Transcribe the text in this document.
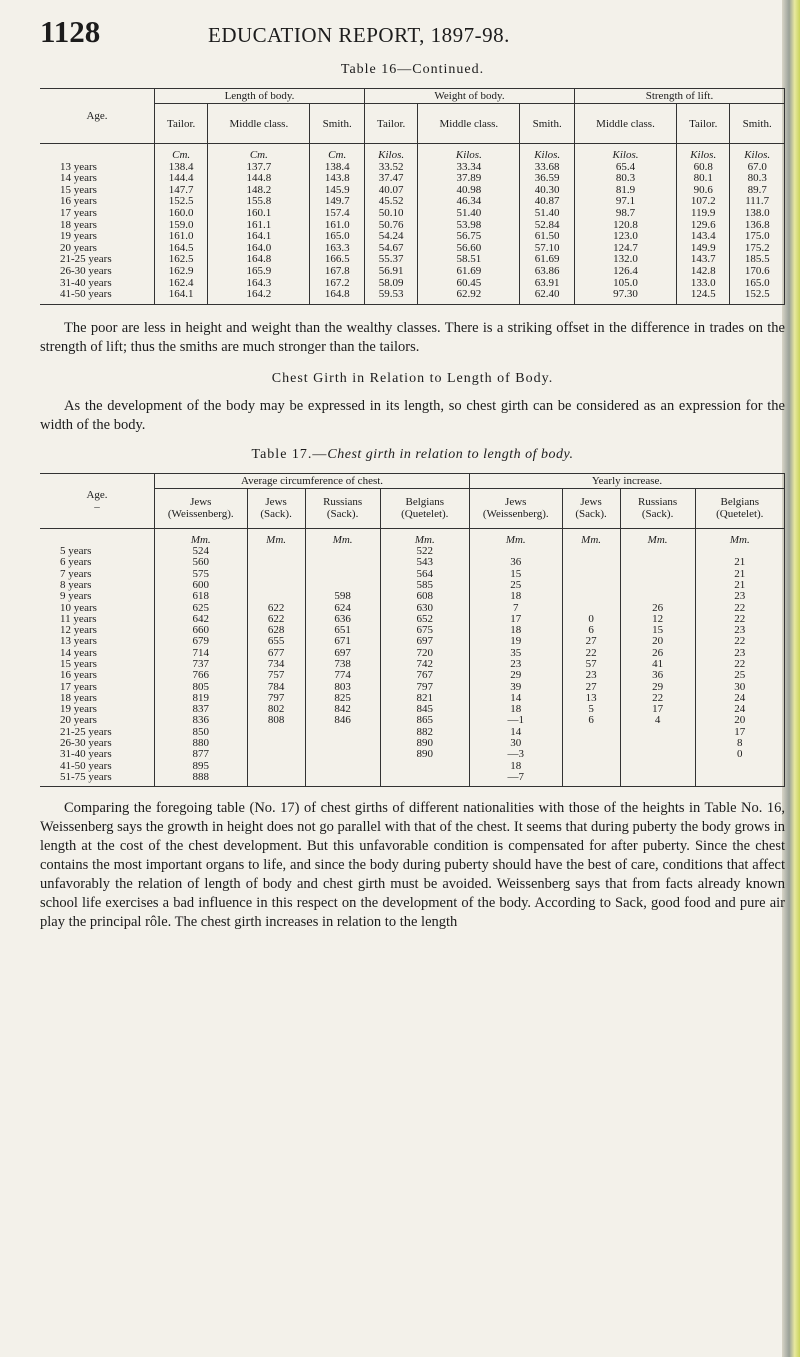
1128	EDUCATION REPORT, 1897-98.
Table 16—Continued.
Age.	Length of body.			Weight of body.			Strength of lift.		
	Tailor.	Middle class.	Smith.	Tailor.	Middle class.	Smith.	Middle class.	Tailor.	Smith.
	Cm.	Cm.	Cm.	Kilos.	Kilos.	Kilos.	Kilos.	Kilos.	Kilos.
13 years	138.4	137.7	138.4	33.52	33.34	33.68	65.4	60.8	67.0
14 years	144.4	144.8	143.8	37.47	37.89	36.59	80.3	80.1	80.3
15 years	147.7	148.2	145.9	40.07	40.98	40.30	81.9	90.6	89.7
16 years	152.5	155.8	149.7	45.52	46.34	40.87	97.1	107.2	111.7
17 years	160.0	160.1	157.4	50.10	51.40	51.40	98.7	119.9	138.0
18 years	159.0	161.1	161.0	50.76	53.98	52.84	120.8	129.6	136.8
19 years	161.0	164.1	165.0	54.24	56.75	61.50	123.0	143.4	175.0
20 years	164.5	164.0	163.3	54.67	56.60	57.10	124.7	149.9	175.2
21-25 years	162.5	164.8	166.5	55.37	58.51	61.69	132.0	143.7	185.5
26-30 years	162.9	165.9	167.8	56.91	61.69	63.86	126.4	142.8	170.6
31-40 years	162.4	164.3	167.2	58.09	60.45	63.91	105.0	133.0	165.0
41-50 years	164.1	164.2	164.8	59.53	62.92	62.40	97.30	124.5	152.5

The poor are less in height and weight than the wealthy classes. There is a striking offset in the difference in trades on the strength of lift; thus the smiths are much stronger than the tailors.

Chest Girth in Relation to Length of Body.

As the development of the body may be expressed in its length, so chest girth can be considered as an expression for the width of the body.

Table 17.—Chest girth in relation to length of body.
Age.
–	Average circumference of chest.				Yearly increase.			
	Jews (Weissenberg).	Jews (Sack).	Russians (Sack).	Belgians (Quetelet).	Jews (Weissenberg).	Jews (Sack).	Russians (Sack).	Belgians (Quetelet).
	Mm.	Mm.	Mm.	Mm.	Mm.	Mm.	Mm.	Mm.
5 years	524			522				
6 years	560			543	36			21
7 years	575			564	15			21
8 years	600			585	25			21
9 years	618		598	608	18			23
10 years	625	622	624	630	7		26	22
11 years	642	622	636	652	17	0	12	22
12 years	660	628	651	675	18	6	15	23
13 years	679	655	671	697	19	27	20	22
14 years	714	677	697	720	35	22	26	23
15 years	737	734	738	742	23	57	41	22
16 years	766	757	774	767	29	23	36	25
17 years	805	784	803	797	39	27	29	30
18 years	819	797	825	821	14	13	22	24
19 years	837	802	842	845	18	5	17	24
20 years	836	808	846	865	—1	6	4	20
21-25 years	850			882	14			17
26-30 years	880			890	30			8
31-40 years	877			890	—3			0
41-50 years	895				18			
51-75 years	888				—7			

Comparing the foregoing table (No. 17) of chest girths of different nationalities with those of the heights in Table No. 16, Weissenberg says the growth in height does not go parallel with that of the chest. It seems that during puberty the body grows in length at the cost of the chest development. But this unfavorable condition is compensated for after puberty. Since the chest contains the most important organs to life, and since the body during puberty should have the best of care, conditions that affect unfavorably the relation of length of body and chest girth must be avoided. Weissenberg says that from facts already known school life exercises a bad influence in this respect on the development of the body. According to Sack, good food and pure air play the principal rôle. The chest girth increases in relation to the length
